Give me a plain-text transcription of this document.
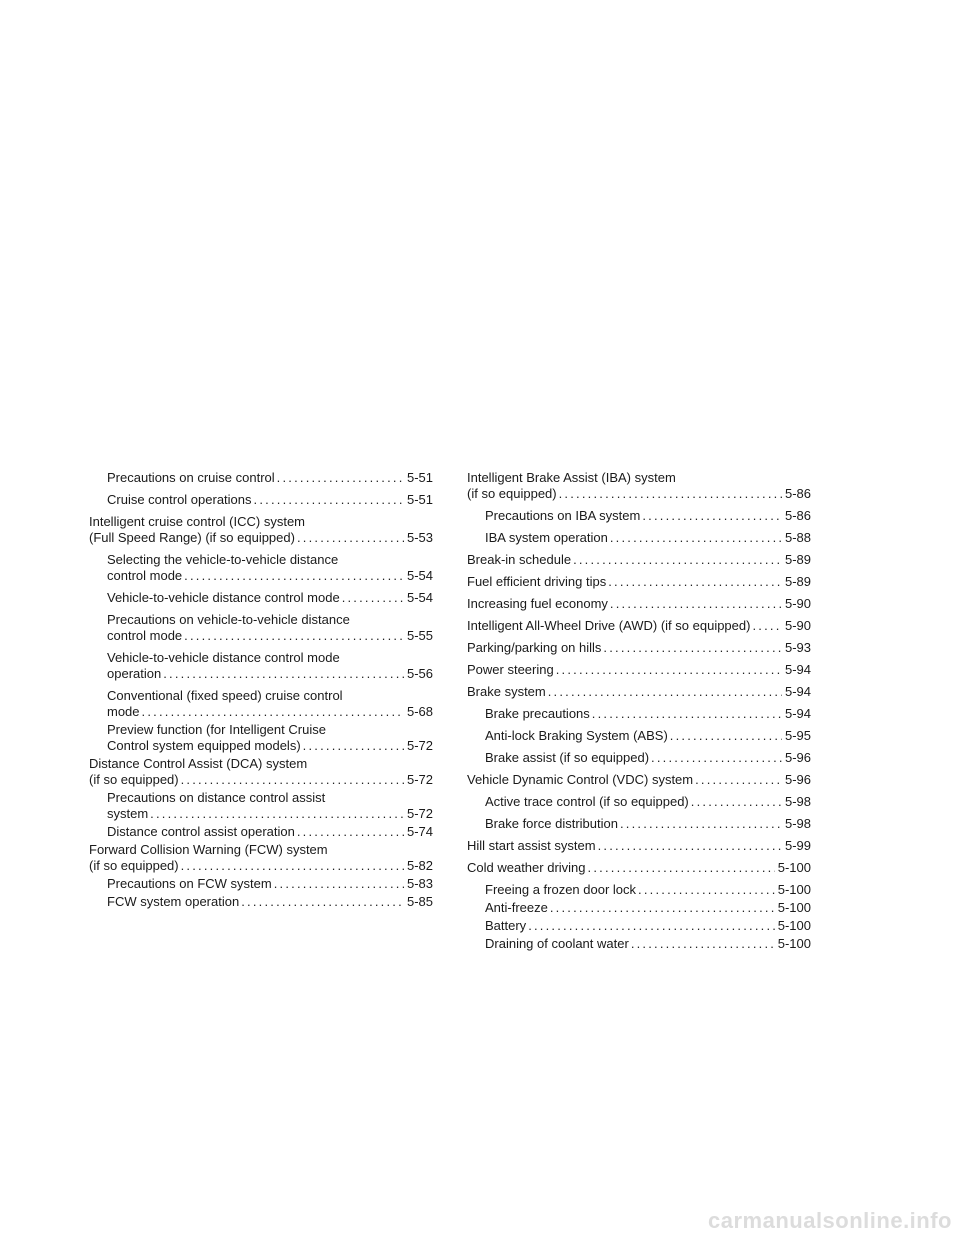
Precautions on cruise control .....	5-51
Cruise control operations .....	5-51
Intelligent cruise control (ICC) system
(Full Speed Range) (if so equipped) .....	5-53
Selecting the vehicle-to-vehicle distance
control mode .....	5-54
Vehicle-to-vehicle distance control mode .....	5-54
Precautions on vehicle-to-vehicle distance
control mode .....	5-55
Vehicle-to-vehicle distance control mode
operation .....	5-56
Conventional (fixed speed) cruise control
mode .....	5-68
Preview function (for Intelligent Cruise
Control system equipped models) .....	5-72
Distance Control Assist (DCA) system
(if so equipped) .....	5-72
Precautions on distance control assist
system .....	5-72
Distance control assist operation .....	5-74
Forward Collision Warning (FCW) system
(if so equipped) .....	5-82
Precautions on FCW system .....	5-83
FCW system operation .....	5-85
Intelligent Brake Assist (IBA) system
(if so equipped) .....	5-86
Precautions on IBA system .....	5-86
IBA system operation .....	5-88
Break-in schedule .....	5-89
Fuel efficient driving tips .....	5-89
Increasing fuel economy .....	5-90
Intelligent All-Wheel Drive (AWD) (if so equipped) .....	5-90
Parking/parking on hills .....	5-93
Power steering .....	5-94
Brake system .....	5-94
Brake precautions .....	5-94
Anti-lock Braking System (ABS) .....	5-95
Brake assist (if so equipped) .....	5-96
Vehicle Dynamic Control (VDC) system .....	5-96
Active trace control (if so equipped) .....	5-98
Brake force distribution .....	5-98
Hill start assist system .....	5-99
Cold weather driving .....	5-100
Freeing a frozen door lock .....	5-100
Anti-freeze .....	5-100
Battery .....	5-100
Draining of coolant water .....	5-100
carmanualsonline.info
